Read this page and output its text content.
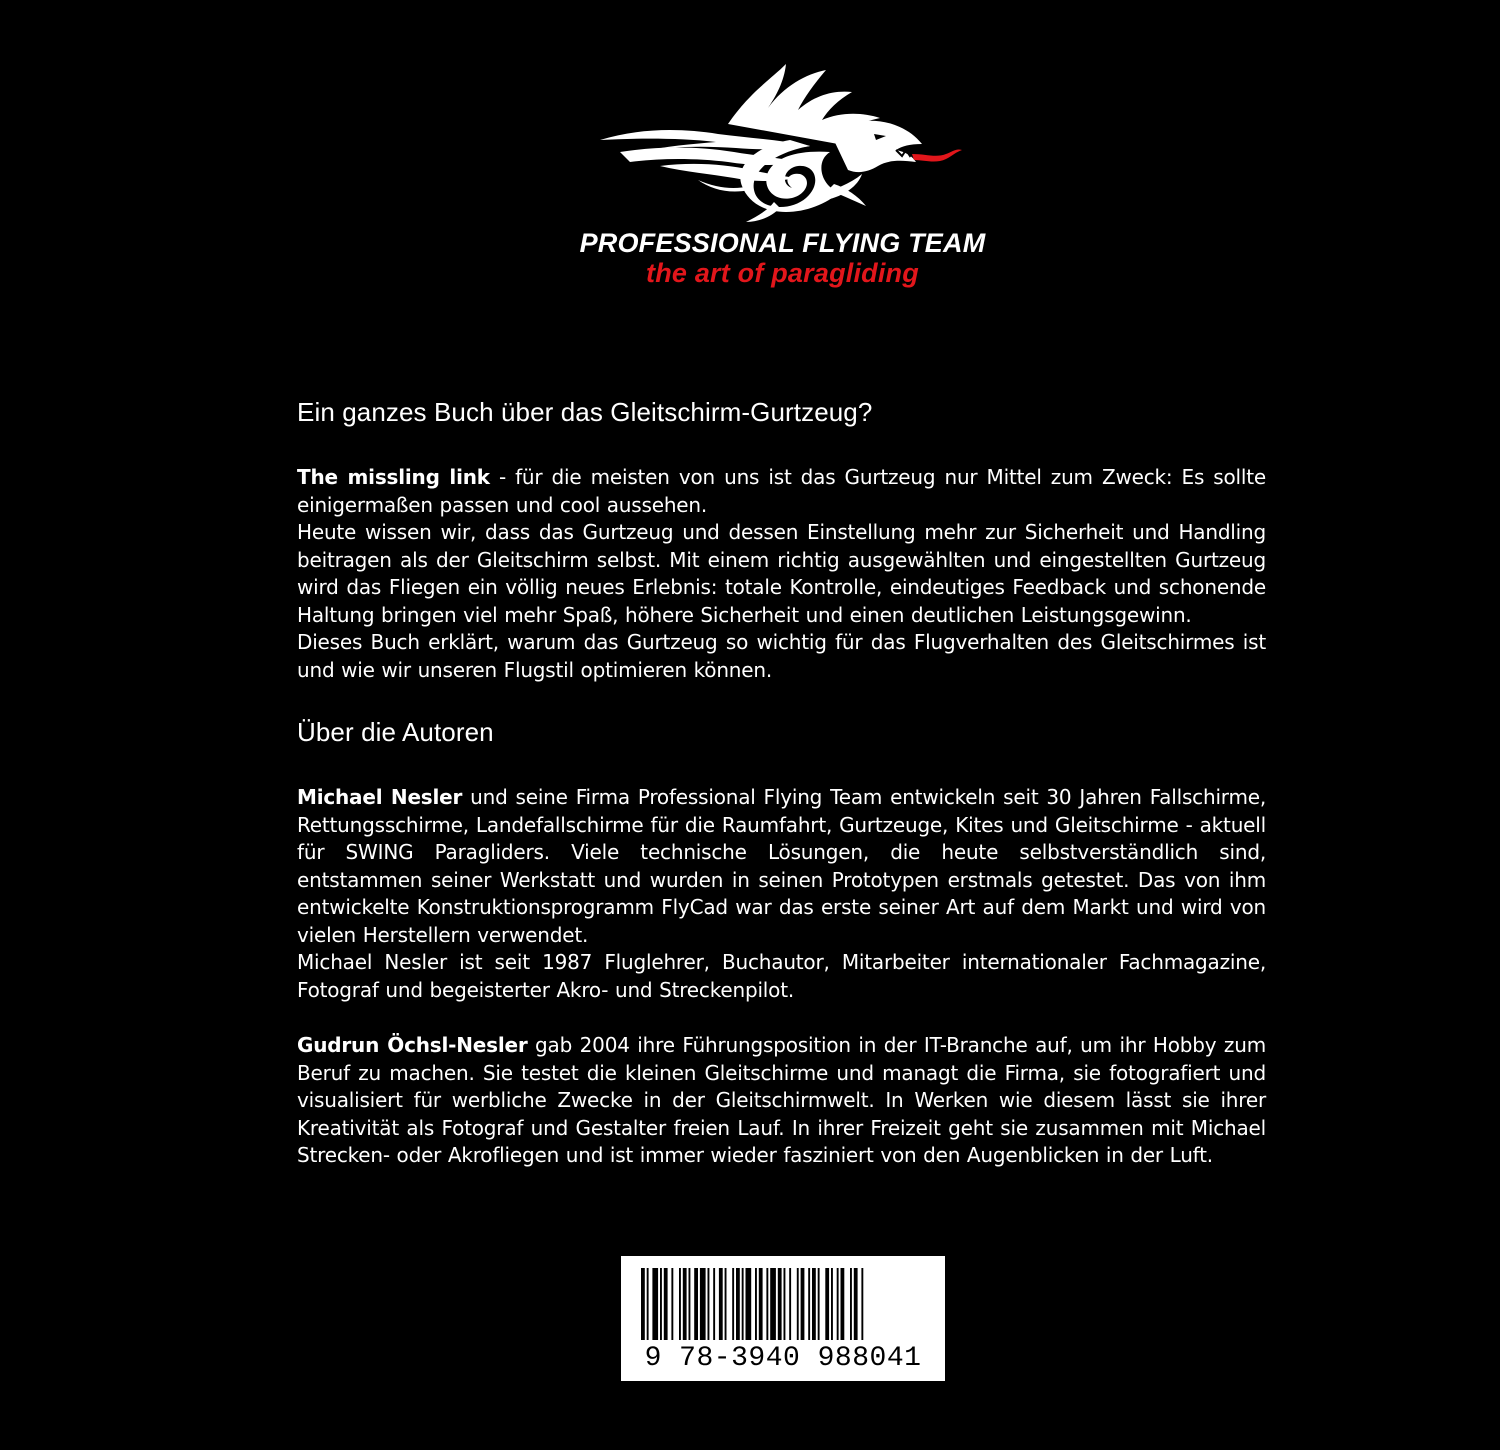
PROFESSIONAL FLYING TEAM
the art of paragliding
Ein ganzes Buch über das Gleitschirm-Gurtzeug?

The missling link - für die meisten von uns ist das Gurtzeug nur Mittel zum Zweck: Es sollte einigermaßen passen und cool aussehen.

Heute wissen wir, dass das Gurtzeug und dessen Einstellung mehr zur Sicherheit und Handling beitragen als der Gleitschirm selbst. Mit einem richtig ausgewählten und eingestellten Gurtzeug wird das Fliegen ein völlig neues Erlebnis: totale Kontrolle, eindeutiges Feedback und schonende Haltung bringen viel mehr Spaß, höhere Sicherheit und einen deutlichen Leistungsgewinn.

Dieses Buch erklärt, warum das Gurtzeug so wichtig für das Flugverhalten des Gleitschirmes ist und wie wir unseren Flugstil optimieren können.

Über die Autoren

Michael Nesler und seine Firma Professional Flying Team entwickeln seit 30 Jahren Fallschirme, Rettungsschirme, Landefallschirme für die Raumfahrt, Gurtzeuge, Kites und Gleitschirme - aktuell für SWING Paragliders. Viele technische Lösungen, die heute selbstverständlich sind, entstammen seiner Werkstatt und wurden in seinen Prototypen erstmals getestet. Das von ihm entwickelte Konstruktionsprogramm FlyCad war das erste seiner Art auf dem Markt und wird von vielen Herstellern verwendet.

Michael Nesler ist seit 1987 Fluglehrer, Buchautor, Mitarbeiter internationaler Fachmagazine, Fotograf und begeisterter Akro- und Streckenpilot.

Gudrun Öchsl-Nesler gab 2004 ihre Führungsposition in der IT-Branche auf, um ihr Hobby zum Beruf zu machen. Sie testet die kleinen Gleitschirme und managt die Firma, sie fotografiert und visualisiert für werbliche Zwecke in der Gleitschirmwelt. In Werken wie diesem lässt sie ihrer Kreativität als Fotograf und Gestalter freien Lauf. In ihrer Freizeit geht sie zusammen mit Michael Strecken- oder Akrofliegen und ist immer wieder fasziniert von den Augenblicken in der Luft.

9 78-3940 988041
